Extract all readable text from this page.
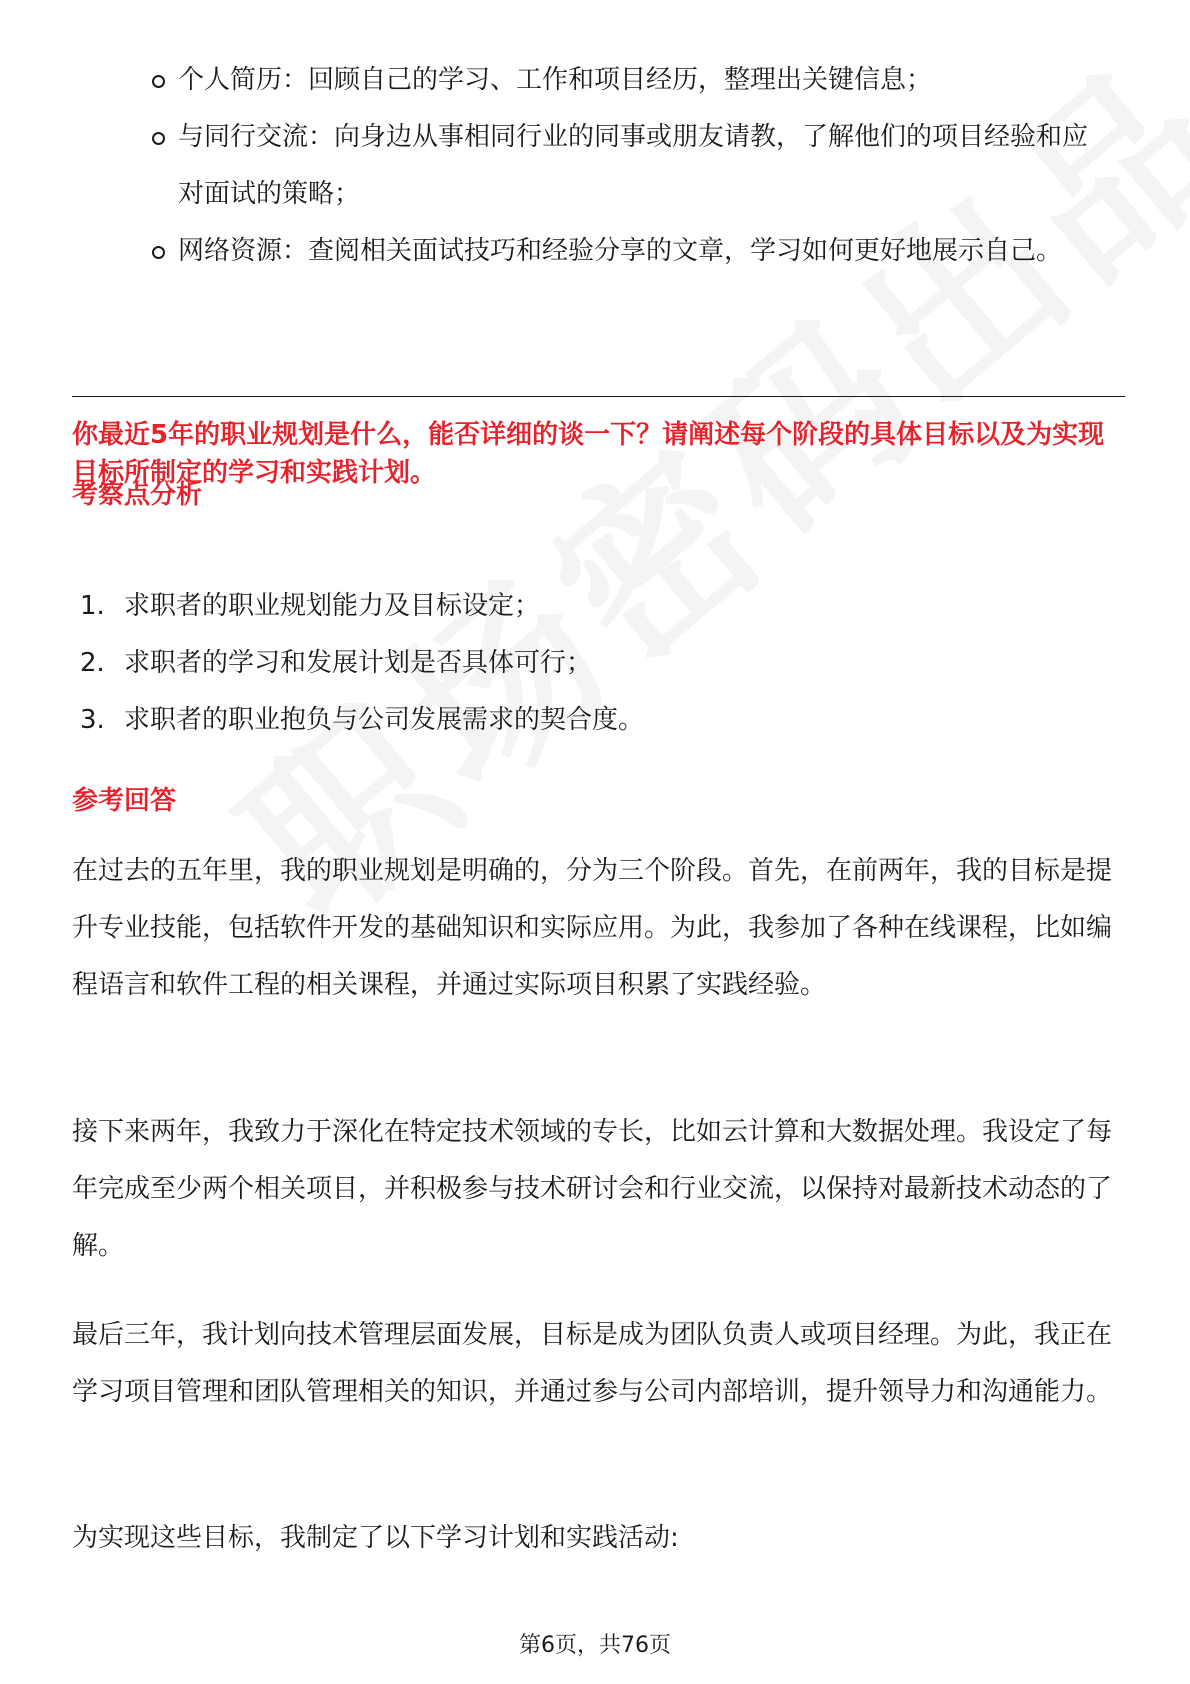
个人简历：回顾自己的学习、工作和项目经历，整理出关键信息；
与同行交流：向身边从事相同行业的同事或朋友请教，了解他们的项目经验和应对面试的策略；
网络资源：查阅相关面试技巧和经验分享的文章，学习如何更好地展示自己。
你最近5年的职业规划是什么，能否详细的谈一下？请阐述每个阶段的具体目标以及为实现目标所制定的学习和实践计划。
考察点分析
1. 求职者的职业规划能力及目标设定；
2. 求职者的学习和发展计划是否具体可行；
3. 求职者的职业抱负与公司发展需求的契合度。
参考回答

在过去的五年里，我的职业规划是明确的，分为三个阶段。首先，在前两年，我的目标是提升专业技能，包括软件开发的基础知识和实际应用。为此，我参加了各种在线课程，比如编程语言和软件工程的相关课程，并通过实际项目积累了实践经验。

接下来两年，我致力于深化在特定技术领域的专长，比如云计算和大数据处理。我设定了每年完成至少两个相关项目，并积极参与技术研讨会和行业交流，以保持对最新技术动态的了解。

最后三年，我计划向技术管理层面发展，目标是成为团队负责人或项目经理。为此，我正在学习项目管理和团队管理相关的知识，并通过参与公司内部培训，提升领导力和沟通能力。

为实现这些目标，我制定了以下学习计划和实践活动:

第6页，共76页
